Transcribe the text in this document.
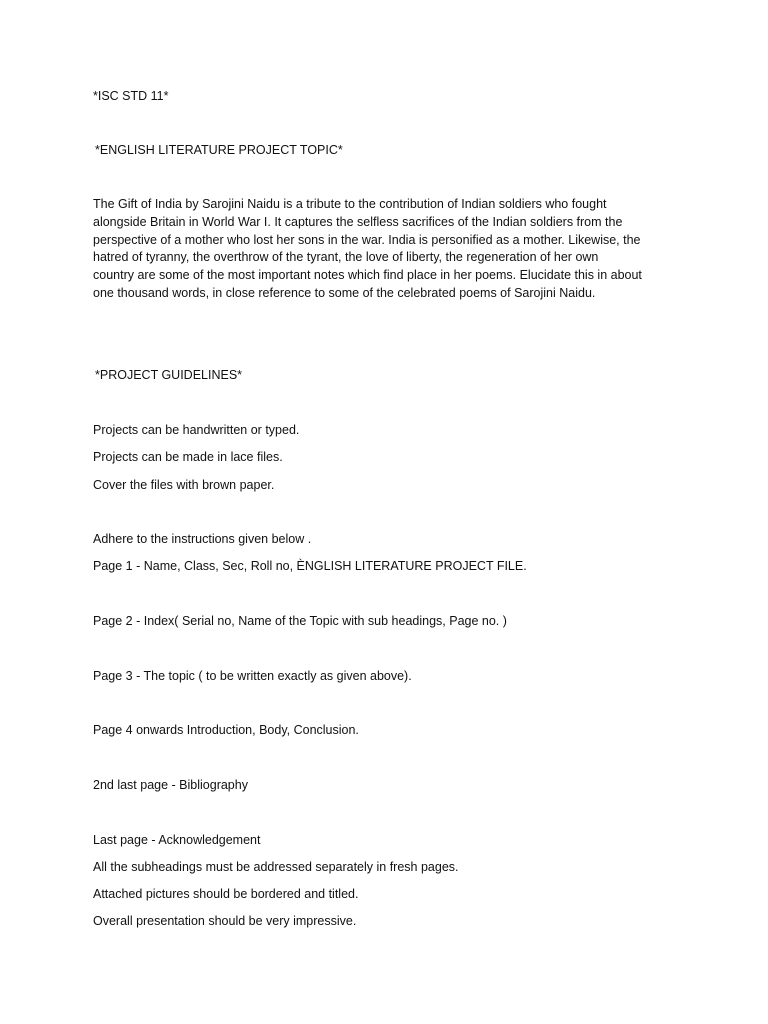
*ISC STD 11*
*ENGLISH LITERATURE PROJECT TOPIC*
The Gift of India by Sarojini Naidu is a tribute to the contribution of Indian soldiers who fought
alongside Britain in World War I. It captures the selfless sacrifices of the Indian soldiers from the
perspective of a mother who lost her sons in the war. India is personified as a mother. Likewise, the
hatred of tyranny, the overthrow of the tyrant, the love of liberty, the regeneration of her own
country are some of the most important notes which find place in her poems. Elucidate this in about
one thousand words, in close reference to some of the celebrated poems of Sarojini Naidu.
*PROJECT GUIDELINES*
Projects can be handwritten or typed.
Projects can be made in lace files.
Cover the files with brown paper.
Adhere to the instructions given below .
Page 1 - Name, Class, Sec, Roll no, ÈNGLISH LITERATURE PROJECT FILE.
Page 2 - Index( Serial no, Name of the Topic with sub headings, Page no. )
Page 3 - The topic ( to be written exactly as given above).
Page 4 onwards Introduction, Body, Conclusion.
2nd last page - Bibliography
Last page - Acknowledgement
All the subheadings must be addressed separately in fresh pages.
Attached pictures should be bordered and titled.
Overall presentation should be very impressive.
